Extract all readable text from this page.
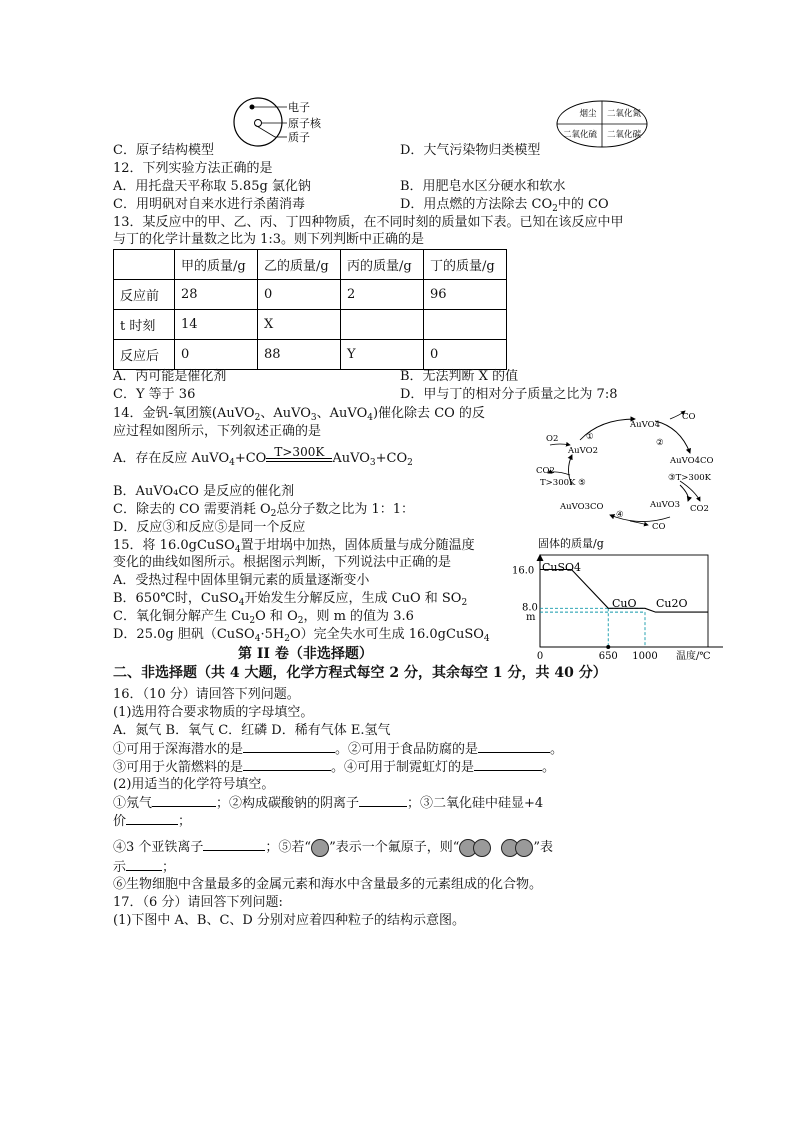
电子
原子核
质子
烟尘 二氧化氮
二氧化硫 二氧化碳
C．原子结构模型	D．大气污染物归类模型
12．下列实验方法正确的是
A．用托盘天平称取 5.85g 氯化钠	B．用肥皂水区分硬水和软水
C．用明矾对自来水进行杀菌消毒	D．用点燃的方法除去 $CO_2$中的 CO
13．某反应中的甲、乙、丙、丁四种物质，在不同时刻的质量如下表。已知在该反应中甲
与丁的化学计量数之比为 1:3。则下列判断中正确的是
	甲的质量/g	乙的质量/g	丙的质量/g	丁的质量/g
反应前	28	0	2	96
t 时刻	14	X		
反应后	0	88	Y	0
A．丙可能是催化剂	B．无法判断 X 的值
C．Y 等于 36	D．甲与丁的相对分子质量之比为 7:8
14．金钒-氧团簇(AuVO$_2$、AuVO$_3$、AuVO$_4$)催化除去 CO 的反
应过程如图所示，下列叙述正确的是
A．存在反应 AuVO$_4$+CO T>300K $AuVO_3+CO_2$
B．AuVO₄CO 是反应的催化剂
C．除去的 CO 需要消耗 $O_2$总分子数之比为 1：1：
D．反应③和反应⑤是同一个反应
O2
AuVO4
AuVO2
CO
AuVO4CO
③T>300K
CO2
T>300K ⑤
AuVO3CO	AuVO3 CO2
CO
①
②
④
15．将 16.0gCuSO$_4$置于坩埚中加热，固体质量与成分随温度
变化的曲线如图所示。根据图示判断，下列说法中正确的是
A．受热过程中固体里铜元素的质量逐渐变小
B．650℃时，CuSO$_4$开始发生分解反应，生成 CuO 和 $SO_2$
C．氧化铜分解产生 $Cu_2O$ 和 $O_2$，则 m 的值为 3.6
D．25.0g 胆矾$(CuSO_4\cdot 5H_2O)$完全失水可生成 16.0gCuSO$_4$
固体的质量/g
16.0
8.0
m
0	650 1000 温度/℃
CuSO4
CuO Cu2O
第 II 卷（非选择题）
二、非选择题（共 4 大题，化学方程式每空 2 分，其余每空 1 分，共 40 分）
16．（10 分）请回答下列问题。
(1)选用符合要求物质的字母填空。
A．氮气 B．氧气 C．红磷 D．稀有气体 E.氢气
①可用于深海潜水的是	。②可用于食品防腐的是	。
③可用于火箭燃料的是	。④可用于制霓虹灯的是	。
(2)用适当的化学符号填空。
①氖气	；②构成碳酸钠的阴离子	；③二氧化硅中硅显+4
价	；
④3 个亚铁离子	；⑤若“ ”表示一个氟原子，则“	”表
示	；
⑥生物细胞中含量最多的金属元素和海水中含量最多的元素组成的化合物。
17．（6 分）请回答下列问题:
(1)下图中 A、B、C、D 分别对应着四种粒子的结构示意图。
